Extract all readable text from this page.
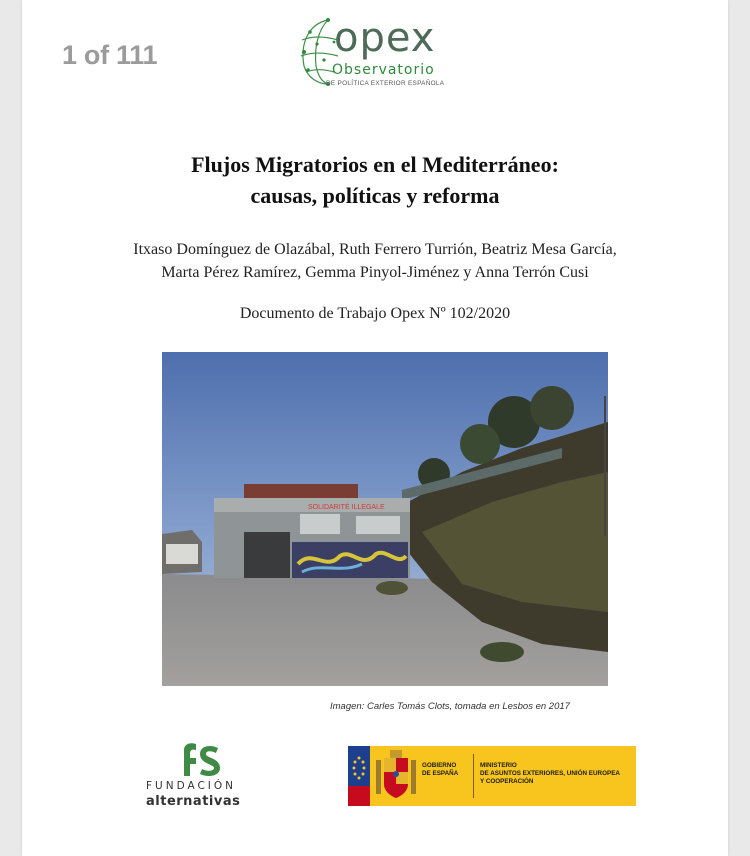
1 of 111	opex
Observatorio
DE POLÍTICA EXTERIOR ESPAÑOLA
Flujos Migratorios en el Mediterráneo:
causas, políticas y reforma
Itxaso Domínguez de Olazábal, Ruth Ferrero Turrión, Beatriz Mesa García,
Marta Pérez Ramírez, Gemma Pinyol-Jiménez y Anna Terrón Cusi
Documento de Trabajo Opex Nº 102/2020
SOLIDARITÉ ILLEGALE
Imagen: Carles Tomás Clots, tomada en Lesbos en 2017
FUNDACIÓN
alternativas
GOBIERNO
DE ESPAÑA
MINISTERIO
DE ASUNTOS EXTERIORES, UNIÓN EUROPEA
Y COOPERACIÓN
